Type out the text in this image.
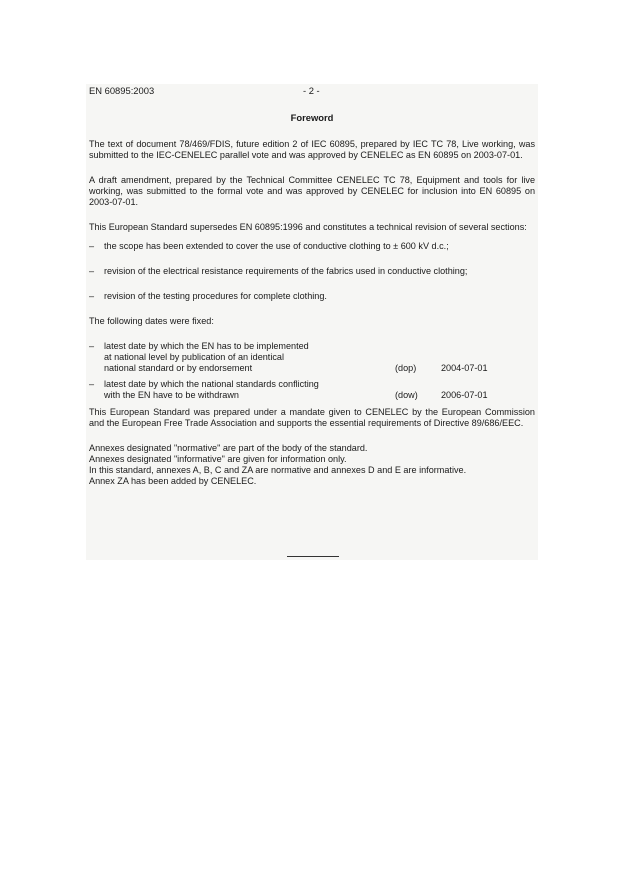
EN 60895:2003	- 2 -
Foreword

The text of document 78/469/FDIS, future edition 2 of IEC 60895, prepared by IEC TC 78, Live working, was submitted to the IEC-CENELEC parallel vote and was approved by CENELEC as EN 60895 on 2003-07-01.

A draft amendment, prepared by the Technical Committee CENELEC TC 78, Equipment and tools for live working, was submitted to the formal vote and was approved by CENELEC for inclusion into EN 60895 on 2003-07-01.

This European Standard supersedes EN 60895:1996 and constitutes a technical revision of several sections:

–	the scope has been extended to cover the use of conductive clothing to ± 600 kV d.c.;
–	revision of the electrical resistance requirements of the fabrics used in conductive clothing;
–	revision of the testing procedures for complete clothing.

The following dates were fixed:

–	latest date by which the EN has to be implemented
at national level by publication of an identical
national standard or by endorsement	(dop)	2004-07-01
–	latest date by which the national standards conflicting
with the EN have to be withdrawn	(dow)	2006-07-01

This European Standard was prepared under a mandate given to CENELEC by the European Commission and the European Free Trade Association and supports the essential requirements of Directive 89/686/EEC.

Annexes designated "normative" are part of the body of the standard.
Annexes designated "informative" are given for information only.
In this standard, annexes A, B, C and ZA are normative and annexes D and E are informative.
Annex ZA has been added by CENELEC.
